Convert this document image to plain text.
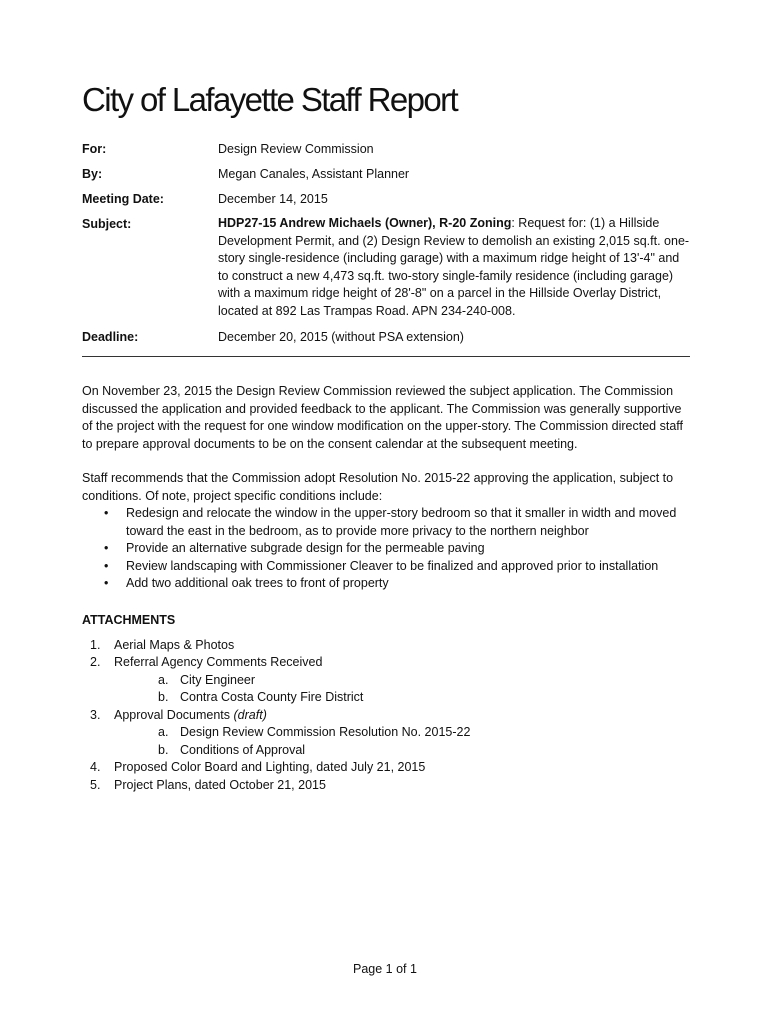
City of Lafayette Staff Report
For:	Design Review Commission
By:	Megan Canales, Assistant Planner
Meeting Date:	December 14, 2015
Subject:	HDP27-15 Andrew Michaels (Owner), R-20 Zoning: Request for: (1) a Hillside Development Permit, and (2) Design Review to demolish an existing 2,015 sq.ft. one-story single-residence (including garage) with a maximum ridge height of 13'-4" and to construct a new 4,473 sq.ft. two-story single-family residence (including garage) with a maximum ridge height of 28'-8" on a parcel in the Hillside Overlay District, located at 892 Las Trampas Road. APN 234-240-008.
Deadline:	December 20, 2015 (without PSA extension)

On November 23, 2015 the Design Review Commission reviewed the subject application. The Commission discussed the application and provided feedback to the applicant. The Commission was generally supportive of the project with the request for one window modification on the upper-story. The Commission directed staff to prepare approval documents to be on the consent calendar at the subsequent meeting.

Staff recommends that the Commission adopt Resolution No. 2015-22 approving the application, subject to conditions. Of note, project specific conditions include:

• Redesign and relocate the window in the upper-story bedroom so that it smaller in width and moved toward the east in the bedroom, as to provide more privacy to the northern neighbor
• Provide an alternative subgrade design for the permeable paving
• Review landscaping with Commissioner Cleaver to be finalized and approved prior to installation
• Add two additional oak trees to front of property
ATTACHMENTS
1. Aerial Maps & Photos
2. Referral Agency Comments Received
a. City Engineer
b. Contra Costa County Fire District
3. Approval Documents (draft)
a. Design Review Commission Resolution No. 2015-22
b. Conditions of Approval
4. Proposed Color Board and Lighting, dated July 21, 2015
5. Project Plans, dated October 21, 2015
Page 1 of 1
